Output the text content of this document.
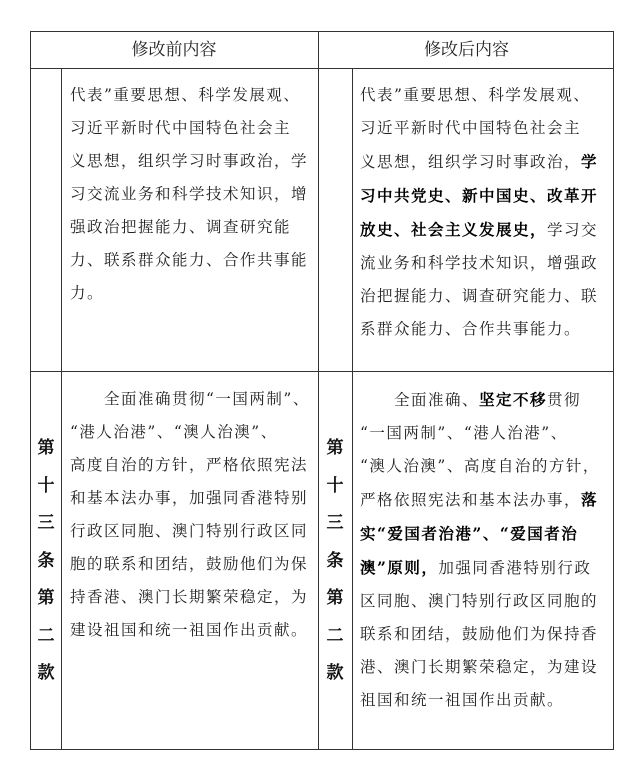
修改前内容	修改后内容
代表”重要思想、科学发展观、
习近平新时代中国特色社会主
义思想，组织学习时事政治，学
习交流业务和科学技术知识，增
强政治把握能力、调查研究能
力、联系群众能力、合作共事能
力。
代表”重要思想、科学发展观、
习近平新时代中国特色社会主
义思想，组织学习时事政治，学
习中共党史、新中国史、改革开
放史、社会主义发展史，学习交
流业务和科学技术知识，增强政
治把握能力、调查研究能力、联
系群众能力、合作共事能力。
第
十
三
条
第
二
款
　　全面准确贯彻“一国两制”、
“港人治港”、“澳人治澳”、
高度自治的方针，严格依照宪法
和基本法办事，加强同香港特别
行政区同胞、澳门特别行政区同
胞的联系和团结，鼓励他们为保
持香港、澳门长期繁荣稳定，为
建设祖国和统一祖国作出贡献。
第
十
三
条
第
二
款
　　全面准确、坚定不移贯彻
“一国两制”、“港人治港”、
“澳人治澳”、高度自治的方针，
严格依照宪法和基本法办事，落
实“爱国者治港”、“爱国者治
澳”原则，加强同香港特别行政
区同胞、澳门特别行政区同胞的
联系和团结，鼓励他们为保持香
港、澳门长期繁荣稳定，为建设
祖国和统一祖国作出贡献。
